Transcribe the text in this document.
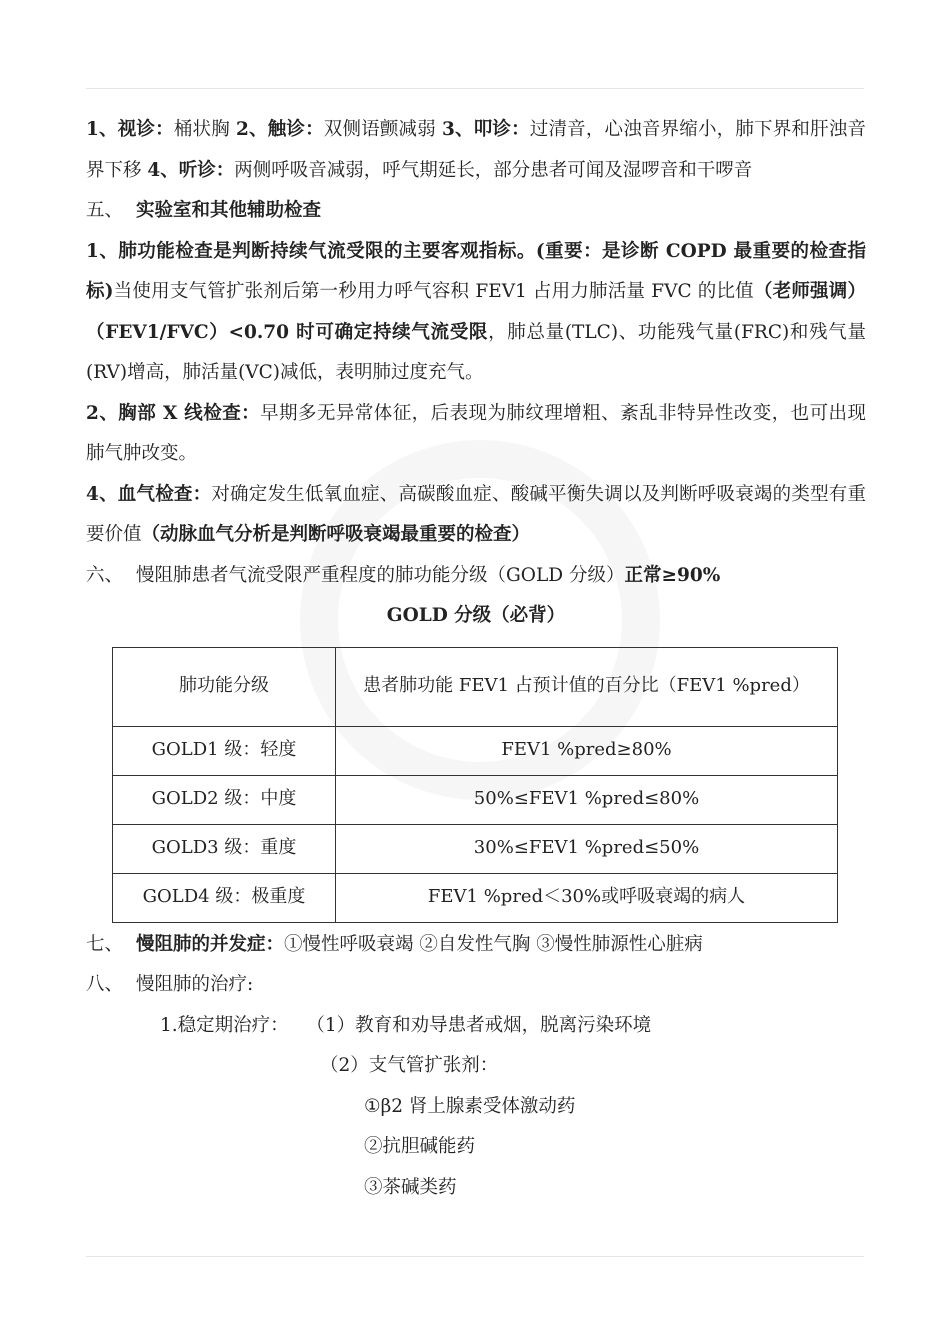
1、视诊：桶状胸 2、触诊：双侧语颤减弱 3、叩诊：过清音，心浊音界缩小，肺下界和肝浊音界下移 4、听诊：两侧呼吸音减弱，呼气期延长，部分患者可闻及湿啰音和干啰音

五、 实验室和其他辅助检查

1、肺功能检查是判断持续气流受限的主要客观指标。(重要：是诊断 COPD 最重要的检查指标)当使用支气管扩张剂后第一秒用力呼气容积 FEV1 占用力肺活量 FVC 的比值（老师强调）（FEV1/FVC）<0.70 时可确定持续气流受限，肺总量(TLC)、功能残气量(FRC)和残气量(RV)增高，肺活量(VC)减低，表明肺过度充气。

2、胸部 X 线检查：早期多无异常体征，后表现为肺纹理增粗、紊乱非特异性改变，也可出现肺气肿改变。

4、血气检查：对确定发生低氧血症、高碳酸血症、酸碱平衡失调以及判断呼吸衰竭的类型有重要价值（动脉血气分析是判断呼吸衰竭最重要的检查）

六、 慢阻肺患者气流受限严重程度的肺功能分级（GOLD 分级）正常≥90%

GOLD 分级（必背）

肺功能分级	患者肺功能 FEV1 占预计值的百分比（FEV1 %pred）
GOLD1 级：轻度	FEV1 %pred≥80%
GOLD2 级：中度	50%≤FEV1 %pred≤80%
GOLD3 级：重度	30%≤FEV1 %pred≤50%
GOLD4 级：极重度	FEV1 %pred＜30%或呼吸衰竭的病人

七、 慢阻肺的并发症：①慢性呼吸衰竭 ②自发性气胸 ③慢性肺源性心脏病

八、 慢阻肺的治疗:

1.稳定期治疗： （1）教育和劝导患者戒烟，脱离污染环境

（2）支气管扩张剂：

①β2 肾上腺素受体激动药

②抗胆碱能药

③茶碱类药
